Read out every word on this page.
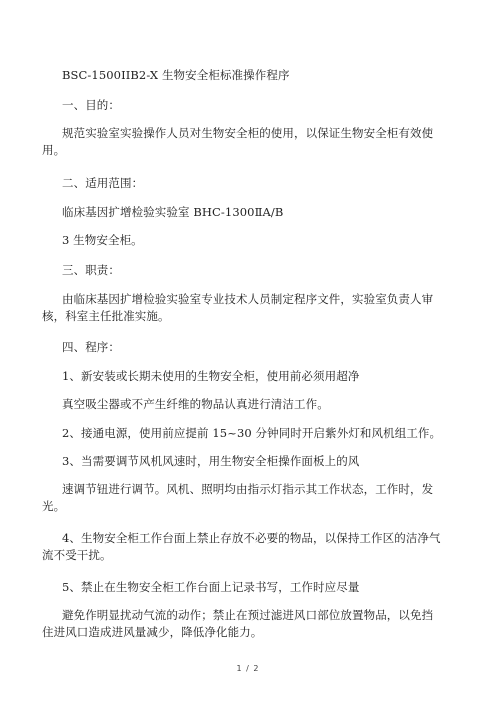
BSC-1500IIB2-X 生物安全柜标准操作程序
一、目的：
规范实验室实验操作人员对生物安全柜的使用，以保证生物安全柜有效使用。
二、适用范围：
临床基因扩增检验实验室 BHC-1300ⅡA/B
3 生物安全柜。
三、职责：
由临床基因扩增检验实验室专业技术人员制定程序文件，实验室负责人审核，科室主任批准实施。
四、程序：
1、新安装或长期未使用的生物安全柜，使用前必须用超净
真空吸尘器或不产生纤维的物品认真进行清洁工作。
2、接通电源，使用前应提前 15~30 分钟同时开启紫外灯和风机组工作。
3、当需要调节风机风速时，用生物安全柜操作面板上的风
速调节钮进行调节。风机、照明均由指示灯指示其工作状态，工作时，发光。
4、生物安全柜工作台面上禁止存放不必要的物品，以保持工作区的洁净气流不受干扰。
5、禁止在生物安全柜工作台面上记录书写，工作时应尽量
避免作明显扰动气流的动作；禁止在预过滤进风口部位放置物品，以免挡住进风口造成进风量减少，降低净化能力。
1 / 2
